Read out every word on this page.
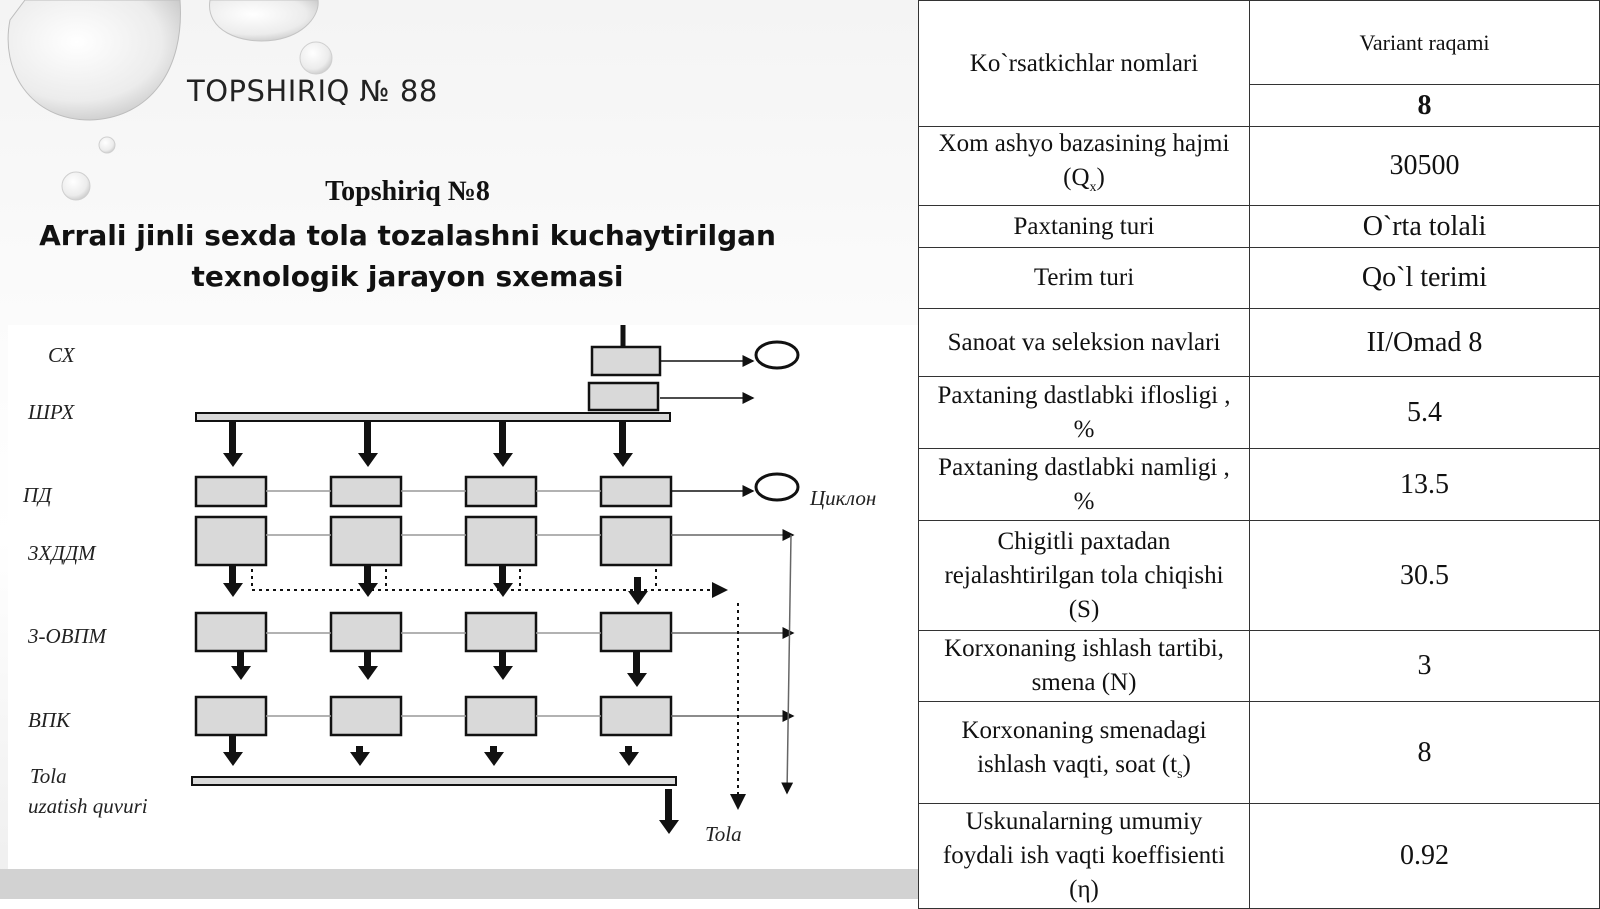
TOPSHIRIQ № 88
Topshiriq №8
Arrali jinli sexda tola tozalashni kuchaytirilgan
texnologik jarayon sxemasi
СХ
ШРХ
ПД
3ХДДМ
3-ОВПМ
ВПК
Tola
uzatish quvuri
Циклон
Tola
Ko`rsatkichlar nomlari	Variant raqami
	8
Xom ashyo bazasining hajmi
$(Q_x)$	30500
Paxtaning turi	O`rta tolali
Terim turi	Qo`l terimi
Sanoat va seleksion navlari	II/Omad 8
Paxtaning dastlabki iflosligi ,
%	5.4
Paxtaning dastlabki namligi ,
%	13.5
Chigitli paxtadan
rejalashtirilgan tola chiqishi
(S)	30.5
Korxonaning ishlash tartibi,
smena (N)	3
Korxonaning smenadagi
ishlash vaqti, soat $(t_s)$	8
Uskunalarning umumiy
foydali ish vaqti koeffisienti
(η)	0.92
